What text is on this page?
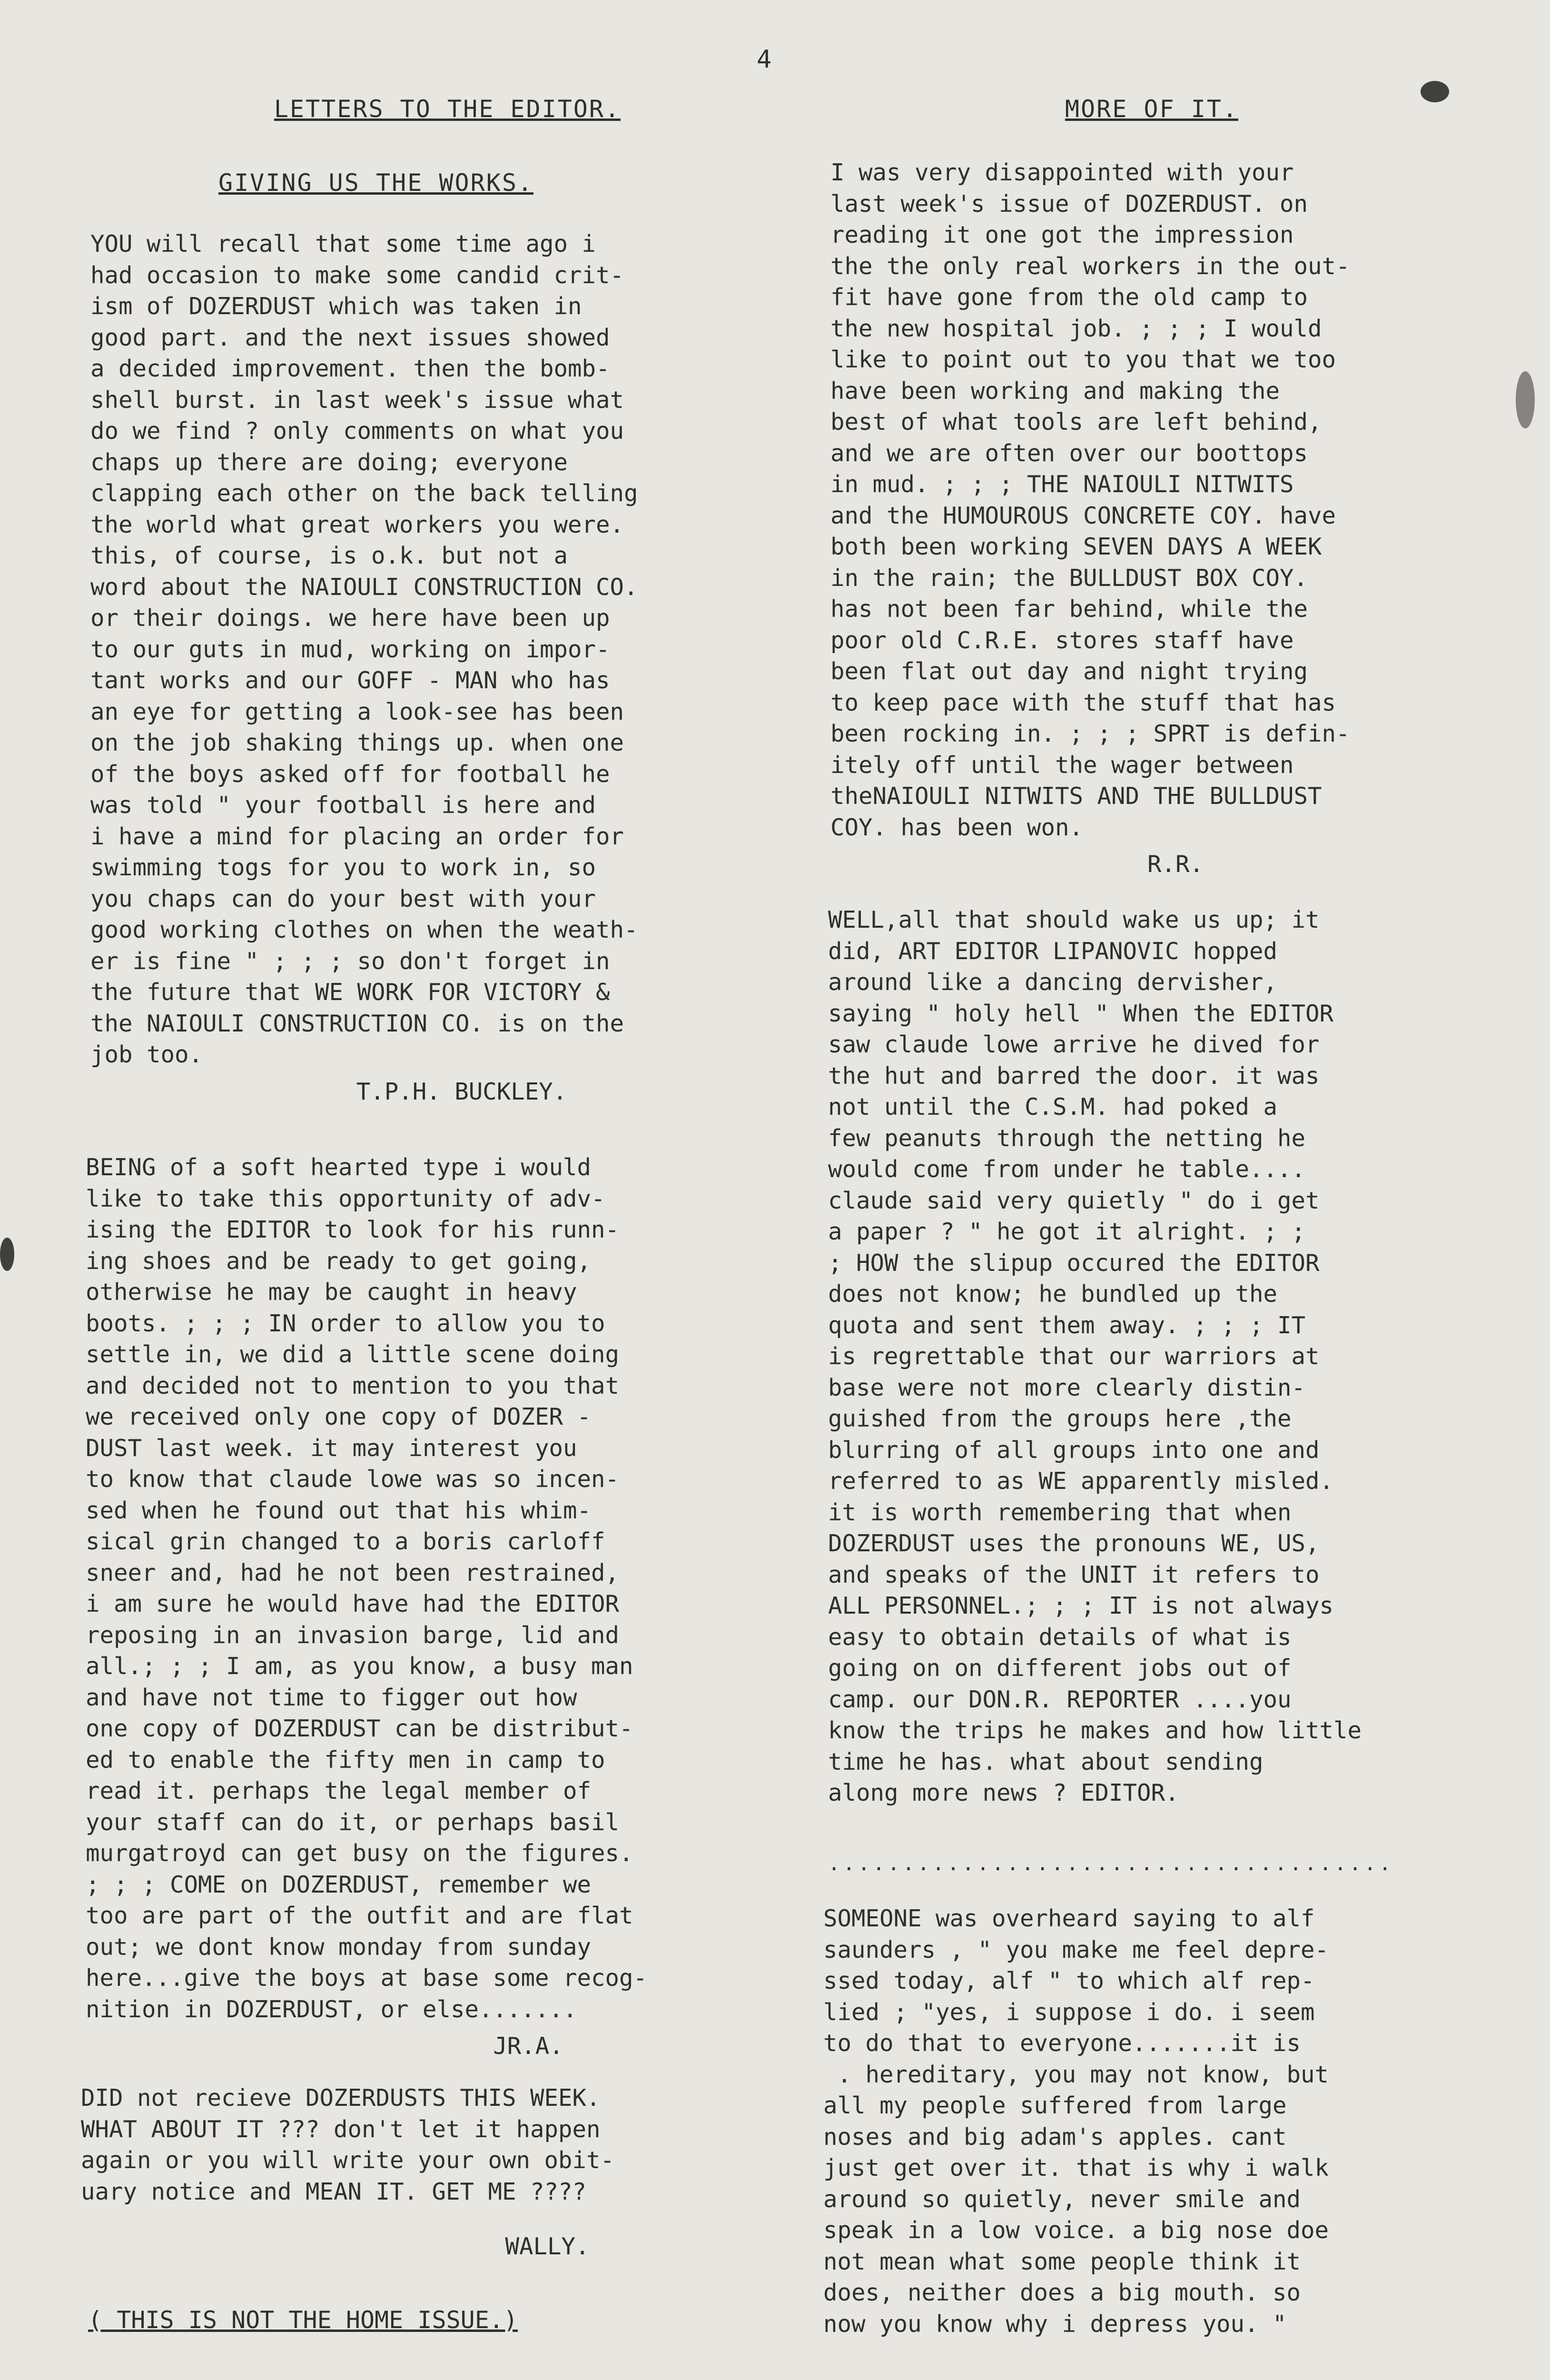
4

LETTERS TO THE EDITOR.

GIVING US THE WORKS.

YOU will recall that some time ago i
had occasion to make some candid crit-
ism of DOZERDUST which was taken in
good part. and the next issues showed
a decided improvement. then the bomb-
shell burst. in last week's issue what
do we find ? only comments on what you
chaps up there are doing; everyone
clapping each other on the back telling
the world what great workers you were.
this, of course, is o.k. but not a
word about the NAIOULI CONSTRUCTION CO.
or their doings. we here have been up
to our guts in mud, working on impor-
tant works and our GOFF - MAN who has
an eye for getting a look-see has been
on the job shaking things up. when one
of the boys asked off for football he
was told " your football is here and
i have a mind for placing an order for
swimming togs for you to work in, so
you chaps can do your best with your
good working clothes on when the weath-
er is fine " ; ; ; so don't forget in
the future that WE WORK FOR VICTORY &
the NAIOULI CONSTRUCTION CO. is on the
job too.
T.P.H. BUCKLEY.
BEING of a soft hearted type i would
like to take this opportunity of adv-
ising the EDITOR to look for his runn-
ing shoes and be ready to get going,
otherwise he may be caught in heavy
boots. ; ; ; IN order to allow you to
settle in, we did a little scene doing
and decided not to mention to you that
we received only one copy of DOZER -
DUST last week. it may interest you
to know that claude lowe was so incen-
sed when he found out that his whim-
sical grin changed to a boris carloff
sneer and, had he not been restrained,
i am sure he would have had the EDITOR
reposing in an invasion barge, lid and
all.; ; ; I am, as you know, a busy man
and have not time to figger out how
one copy of DOZERDUST can be distribut-
ed to enable the fifty men in camp to
read it. perhaps the legal member of
your staff can do it, or perhaps basil
murgatroyd can get busy on the figures.
; ; ; COME on DOZERDUST, remember we
too are part of the outfit and are flat
out; we dont know monday from sunday
here...give the boys at base some recog-
nition in DOZERDUST, or else.......
JR.A.
DID not recieve DOZERDUSTS THIS WEEK.
WHAT ABOUT IT ??? don't let it happen
again or you will write your own obit-
uary notice and MEAN IT. GET ME ????
WALLY.
( THIS IS NOT THE HOME ISSUE.)

MORE OF IT.

I was very disappointed with your
last week's issue of DOZERDUST. on
reading it one got the impression
the the only real workers in the out-
fit have gone from the old camp to
the new hospital job. ; ; ; I would
like to point out to you that we too
have been working and making the
best of what tools are left behind,
and we are often over our boottops
in mud. ; ; ; THE NAIOULI NITWITS
and the HUMOUROUS CONCRETE COY. have
both been working SEVEN DAYS A WEEK
in the rain; the BULLDUST BOX COY.
has not been far behind, while the
poor old C.R.E. stores staff have
been flat out day and night trying
to keep pace with the stuff that has
been rocking in. ; ; ; SPRT is defin-
itely off until the wager between
theNAIOULI NITWITS AND THE BULLDUST
COY. has been won.
R.R.
WELL,all that should wake us up; it
did, ART EDITOR LIPANOVIC hopped
around like a dancing dervisher,
saying " holy hell " When the EDITOR
saw claude lowe arrive he dived for
the hut and barred the door. it was
not until the C.S.M. had poked a
few peanuts through the netting he
would come from under he table....
claude said very quietly " do i get
a paper ? " he got it alright. ; ;
; HOW the slipup occured the EDITOR
does not know; he bundled up the
quota and sent them away. ; ; ; IT
is regrettable that our warriors at
base were not more clearly distin-
guished from the groups here ,the
blurring of all groups into one and
referred to as WE apparently misled.
it is worth remembering that when
DOZERDUST uses the pronouns WE, US,
and speaks of the UNIT it refers to
ALL PERSONNEL.; ; ; IT is not always
easy to obtain details of what is
going on on different jobs out of
camp. our DON.R. REPORTER ....you
know the trips he makes and how little
time he has. what about sending
along more news ? EDITOR.
......................................
SOMEONE was overheard saying to alf
saunders , " you make me feel depre-
ssed today, alf " to which alf rep-
lied ; "yes, i suppose i do. i seem
to do that to everyone.......it is
. hereditary, you may not know, but
all my people suffered from large
noses and big adam's apples. cant
just get over it. that is why i walk
around so quietly, never smile and
speak in a low voice. a big nose doe
not mean what some people think it
does, neither does a big mouth. so
now you know why i depress you. "
